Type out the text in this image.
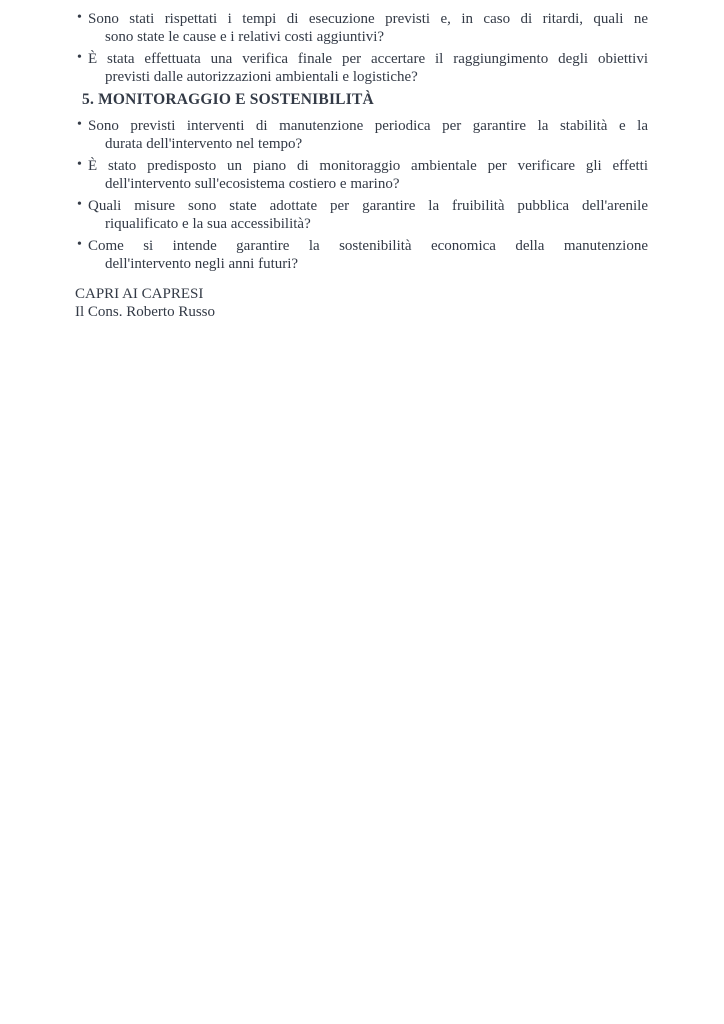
• Sono stati rispettati i tempi di esecuzione previsti e, in caso di ritardi, quali ne
sono state le cause e i relativi costi aggiuntivi?
• È stata effettuata una verifica finale per accertare il raggiungimento degli obiettivi
previsti dalle autorizzazioni ambientali e logistiche?
5. MONITORAGGIO E SOSTENIBILITÀ
• Sono previsti interventi di manutenzione periodica per garantire la stabilità e la
durata dell'intervento nel tempo?
• È stato predisposto un piano di monitoraggio ambientale per verificare gli effetti
dell'intervento sull'ecosistema costiero e marino?
• Quali misure sono state adottate per garantire la fruibilità pubblica dell'arenile
riqualificato e la sua accessibilità?
• Come si intende garantire la sostenibilità economica della manutenzione
dell'intervento negli anni futuri?
CAPRI AI CAPRESI
Il Cons. Roberto Russo
